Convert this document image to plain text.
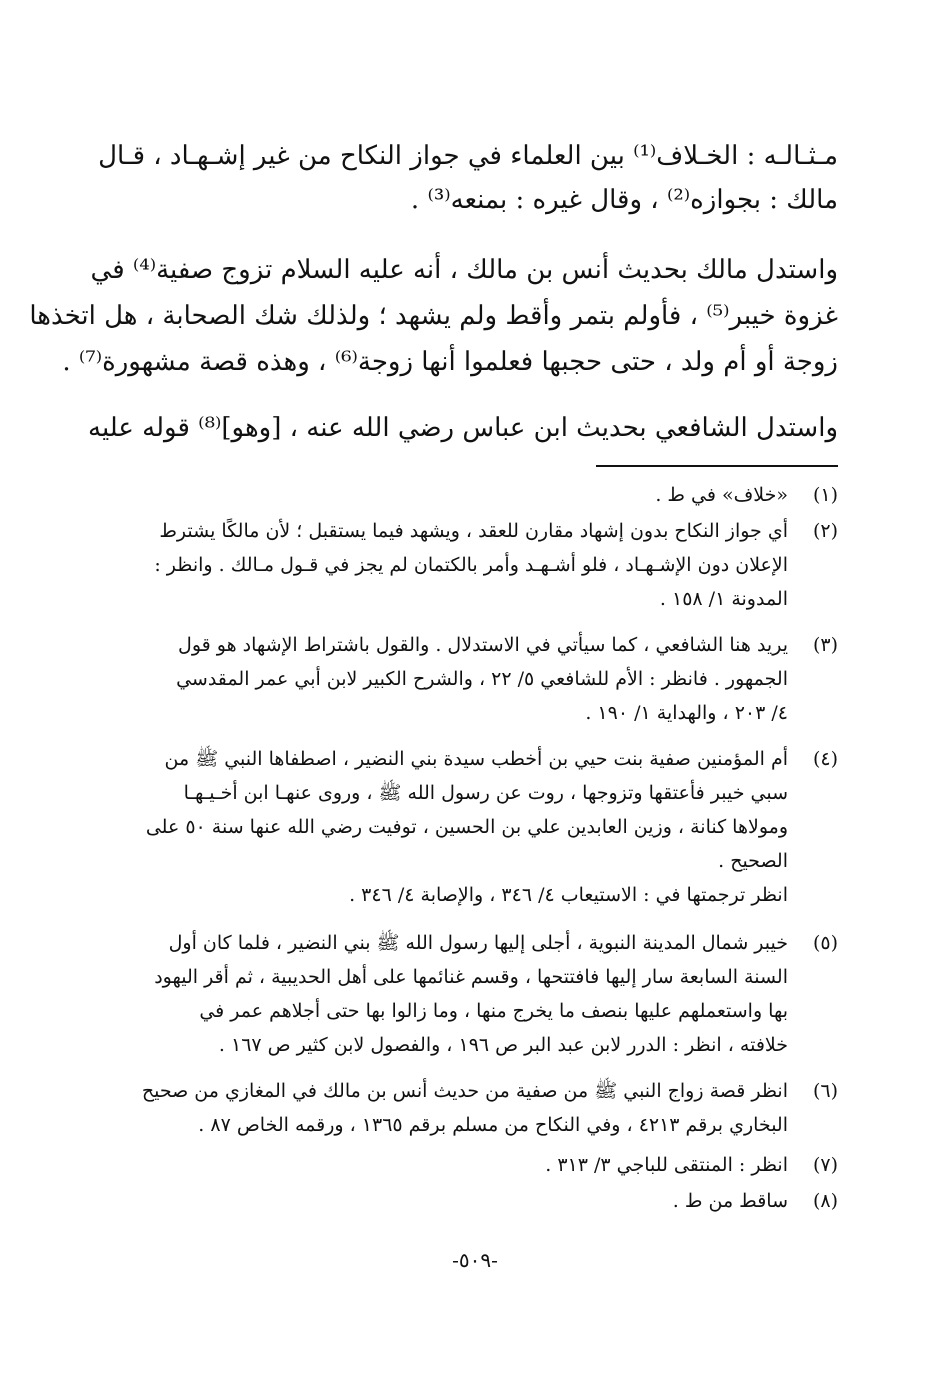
مـثـالـه : الخـلاف⁽¹⁾ بين العلماء في جواز النكاح من غير إشـهـاد ، قـال

مالك : بجوازه⁽²⁾ ، وقال غيره : بمنعه⁽³⁾ .

واستدل مالك بحديث أنس بن مالك ، أنه عليه السلام تزوج صفية⁽⁴⁾ في

غزوة خيبر⁽⁵⁾ ، فأولم بتمر وأقط ولم يشهد ؛ ولذلك شك الصحابة ، هل اتخذها

زوجة أو أم ولد ، حتى حجبها فعلموا أنها زوجة⁽⁶⁾ ، وهذه قصة مشهورة⁽⁷⁾ .

واستدل الشافعي بحديث ابن عباس رضي الله عنه ، [وهو]⁽⁸⁾ قوله عليه

(١)
«خلاف» في ط .
(٢)
أي جواز النكاح بدون إشهاد مقارن للعقد ، ويشهد فيما يستقبل ؛ لأن مالكًا يشترط
الإعلان دون الإشـهـاد ، فلو أشـهـد وأمر بالكتمان لم يجز في قـول مـالك . وانظر :
المدونة ١/ ١٥٨ .
(٣)
يريد هنا الشافعي ، كما سيأتي في الاستدلال . والقول باشتراط الإشهاد هو قول
الجمهور . فانظر : الأم للشافعي ٥/ ٢٢ ، والشرح الكبير لابن أبي عمر المقدسي
٤/ ٢٠٣ ، والهداية ١/ ١٩٠ .
(٤)
أم المؤمنين صفية بنت حيي بن أخطب سيدة بني النضير ، اصطفاها النبي ﷺ من
سبي خيبر فأعتقها وتزوجها ، روت عن رسول الله ﷺ ، وروى عنهـا ابن أخـيـهـا
ومولاها كنانة ، وزين العابدين علي بن الحسين ، توفيت رضي الله عنها سنة ٥٠ على
الصحيح .
انظر ترجمتها في : الاستيعاب ٤/ ٣٤٦ ، والإصابة ٤/ ٣٤٦ .
(٥)
خيبر شمال المدينة النبوية ، أجلى إليها رسول الله ﷺ بني النضير ، فلما كان أول
السنة السابعة سار إليها فافتتحها ، وقسم غنائمها على أهل الحديبية ، ثم أقر اليهود
بها واستعملهم عليها بنصف ما يخرج منها ، وما زالوا بها حتى أجلاهم عمر في
خلافته ، انظر : الدرر لابن عبد البر ص ١٩٦ ، والفصول لابن كثير ص ١٦٧ .
(٦)
انظر قصة زواج النبي ﷺ من صفية من حديث أنس بن مالك في المغازي من صحيح
البخاري برقم ٤٢١٣ ، وفي النكاح من مسلم برقم ١٣٦٥ ، ورقمه الخاص ٨٧ .
(٧)
انظر : المنتقى للباجي ٣/ ٣١٣ .
(٨)
ساقط من ط .
-٥٠٩-
